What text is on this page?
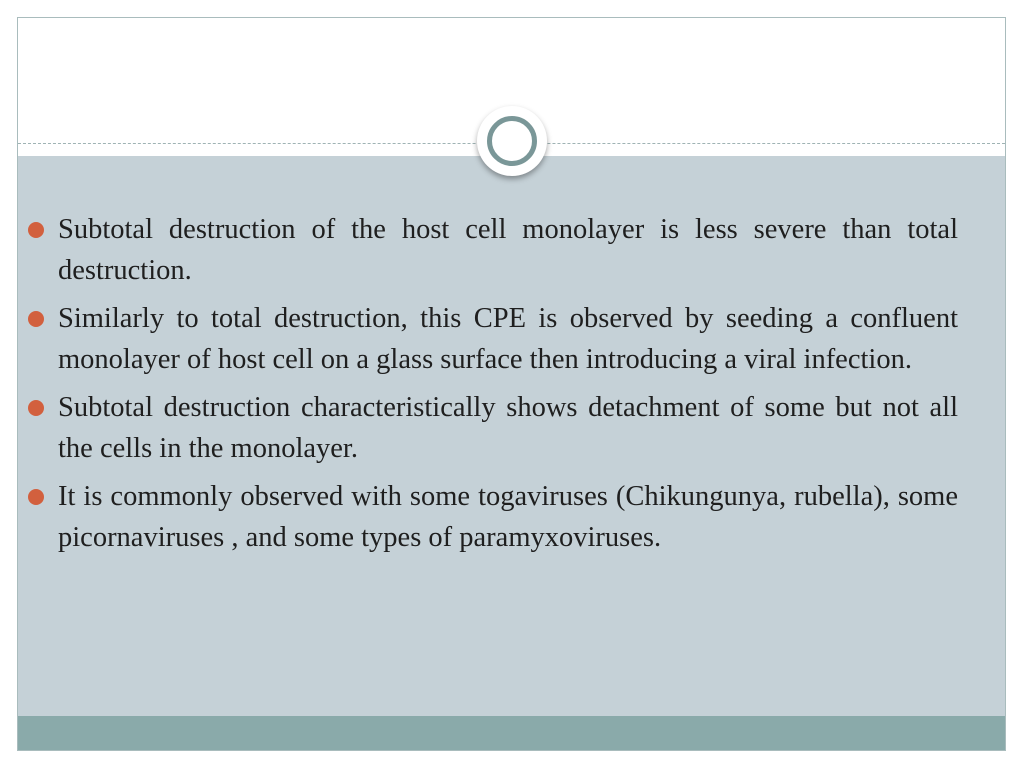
Subtotal destruction of the host cell monolayer is less severe than total destruction.
Similarly to total destruction, this CPE is observed by seeding a confluent monolayer of host cell on a glass surface then introducing a viral infection.
Subtotal destruction characteristically shows detachment of some but not all the cells in the monolayer.
It is commonly observed with some togaviruses (Chikungunya, rubella), some picornaviruses , and some types of paramyxoviruses.
